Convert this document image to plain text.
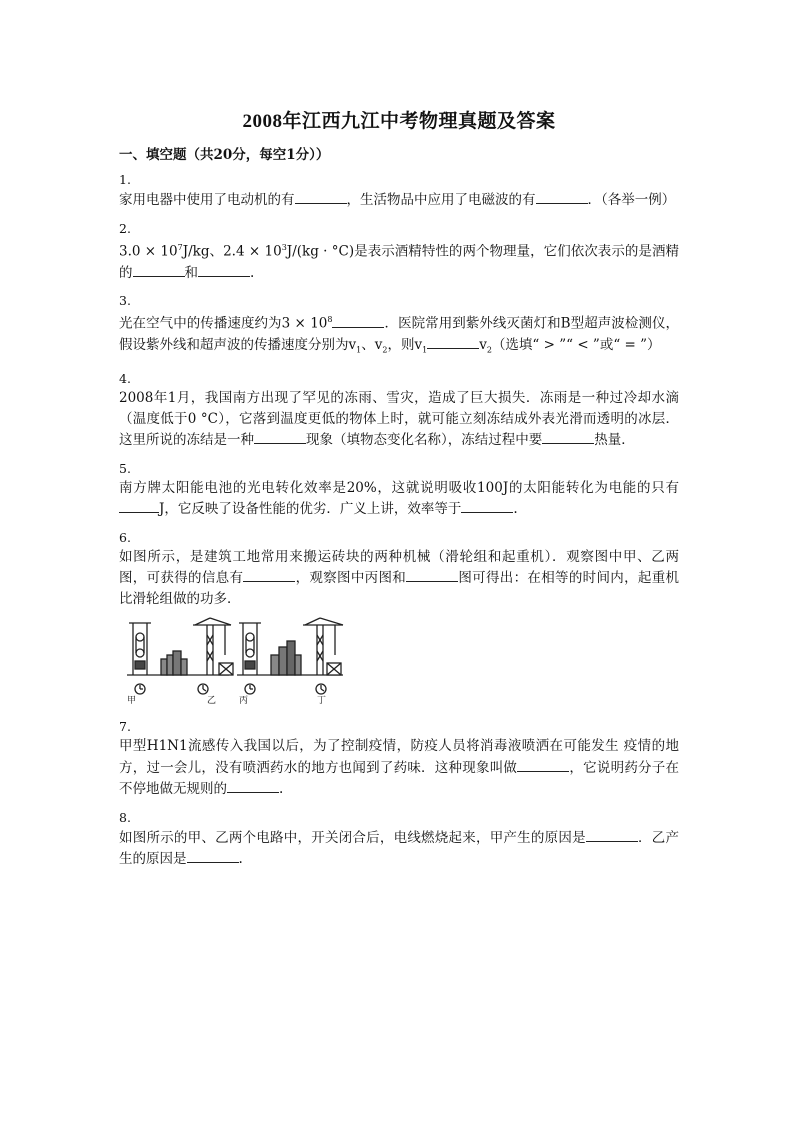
2008年江西九江中考物理真题及答案
一、填空题（共20分，每空1分））
1.
家用电器中使用了电动机的有	，生活物品中应用了电磁波的有	．（各举一例）
2.
$3.0 \times 10^7J/kg$、$2.4 \times 10^3J/(kg \cdot ^\circ C)$是表示酒精特性的两个物理量，它们依次表示的是酒精的	和	.
3.
光在空气中的传播速度约为$3 \times 10^8$	．医院常用到紫外线灭菌灯和B型超声波检测仪，假设紫外线和超声波的传播速度分别为$v_1$、$v_2$，则$v_1$	$v_2$（选填“ > ”“ < ”或“ = ”）
4.
2008年1月，我国南方出现了罕见的冻雨、雪灾，造成了巨大损失．冻雨是一种过冷却水滴（温度低于0 °C），它落到温度更低的物体上时，就可能立刻冻结成外表光滑而透明的冰层．这里所说的冻结是一种	现象（填物态变化名称），冻结过程中要	热量．
5.
南方牌太阳能电池的光电转化效率是20%，这就说明吸收100J的太阳能转化为电能的只有J，它反映了设备性能的优劣．广义上讲，效率等于	.
6.
如图所示，是建筑工地常用来搬运砖块的两种机械（滑轮组和起重机）．观察图中甲、乙两图，可获得的信息有	，观察图中丙图和	图可得出：在相等的时间内，起重机比滑轮组做的功多．
甲	乙	丙	丁
7.
甲型H1N1流感传入我国以后，为了控制疫情，防疫人员将消毒液喷洒在可能发生 疫情的地方，过一会儿，没有喷洒药水的地方也闻到了药味．这种现象叫做	，它说明药分子在不停地做无规则的	.
8.
如图所示的甲、乙两个电路中，开关闭合后，电线燃烧起来，甲产生的原因是	．乙产生的原因是	.
